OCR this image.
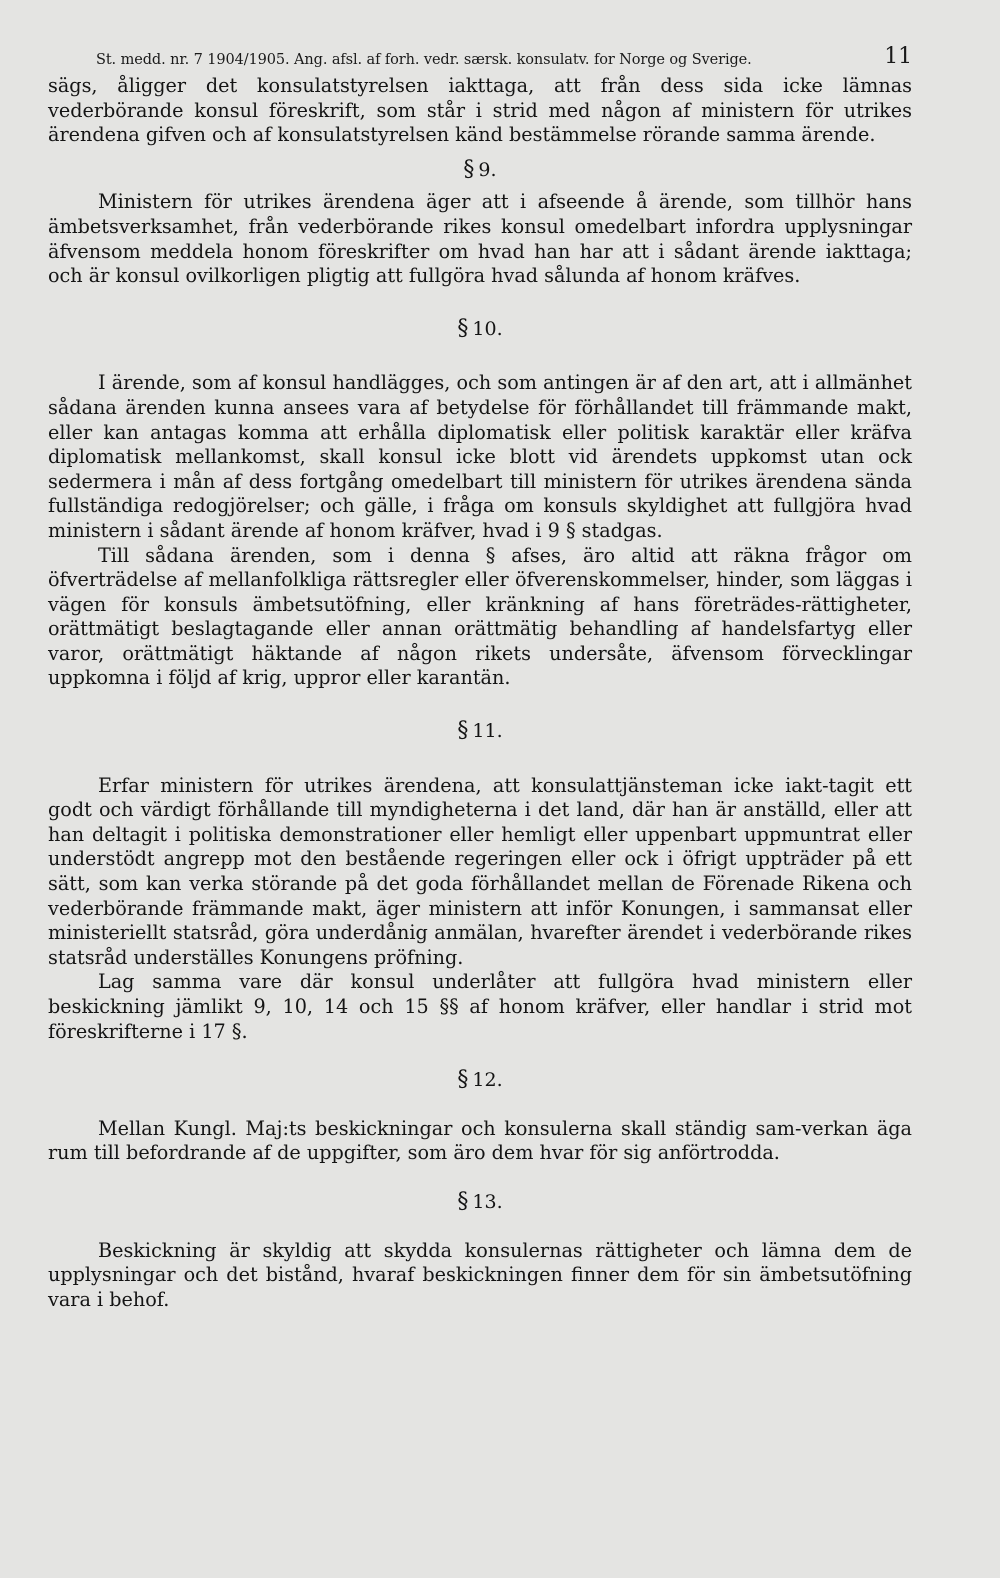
St. medd. nr. 7 1904/1905. Ang. afsl. af forh. vedr. særsk. konsulatv. for Norge og Sverige.	11

sägs, åligger det konsulatstyrelsen iakttaga, att från dess sida icke lämnas vederbörande konsul föreskrift, som står i strid med någon af ministern för utrikes ärendena gifven och af konsulatstyrelsen känd bestämmelse rörande samma ärende.

§ 9.

Ministern för utrikes ärendena äger att i afseende å ärende, som tillhör hans ämbetsverksamhet, från vederbörande rikes konsul omedelbart infordra upplysningar äfvensom meddela honom föreskrifter om hvad han har att i sådant ärende iakttaga; och är konsul ovilkorligen pligtig att fullgöra hvad sålunda af honom kräfves.

§ 10.

I ärende, som af konsul handlägges, och som antingen är af den art, att i allmänhet sådana ärenden kunna ansees vara af betydelse för förhållandet till främmande makt, eller kan antagas komma att erhålla diplomatisk eller politisk karaktär eller kräfva diplomatisk mellankomst, skall konsul icke blott vid ärendets uppkomst utan ock sedermera i mån af dess fortgång omedelbart till ministern för utrikes ärendena sända fullständiga redogjörelser; och gälle, i fråga om konsuls skyldighet att fullgjöra hvad ministern i sådant ärende af honom kräfver, hvad i 9 § stadgas.

Till sådana ärenden, som i denna § afses, äro altid att räkna frågor om öfverträdelse af mellanfolkliga rättsregler eller öfverenskommelser, hinder, som läggas i vägen för konsuls ämbetsutöfning, eller kränkning af hans företrädes-rättigheter, orättmätigt beslagtagande eller annan orättmätig behandling af handelsfartyg eller varor, orättmätigt häktande af någon rikets undersåte, äfvensom förvecklingar uppkomna i följd af krig, uppror eller karantän.

§ 11.

Erfar ministern för utrikes ärendena, att konsulattjänsteman icke iakt-tagit ett godt och värdigt förhållande till myndigheterna i det land, där han är anställd, eller att han deltagit i politiska demonstrationer eller hemligt eller uppenbart uppmuntrat eller understödt angrepp mot den bestående regeringen eller ock i öfrigt uppträder på ett sätt, som kan verka störande på det goda förhållandet mellan de Förenade Rikena och vederbörande främmande makt, äger ministern att inför Konungen, i sammansat eller ministeriellt statsråd, göra underdånig anmälan, hvarefter ärendet i vederbörande rikes statsråd underställes Konungens pröfning.

Lag samma vare där konsul underlåter att fullgöra hvad ministern eller beskickning jämlikt 9, 10, 14 och 15 §§ af honom kräfver, eller handlar i strid mot föreskrifterne i 17 §.

§ 12.

Mellan Kungl. Maj:ts beskickningar och konsulerna skall ständig sam-verkan äga rum till befordrande af de uppgifter, som äro dem hvar för sig anförtrodda.

§ 13.

Beskickning är skyldig att skydda konsulernas rättigheter och lämna dem de upplysningar och det bistånd, hvaraf beskickningen finner dem för sin ämbetsutöfning vara i behof.
